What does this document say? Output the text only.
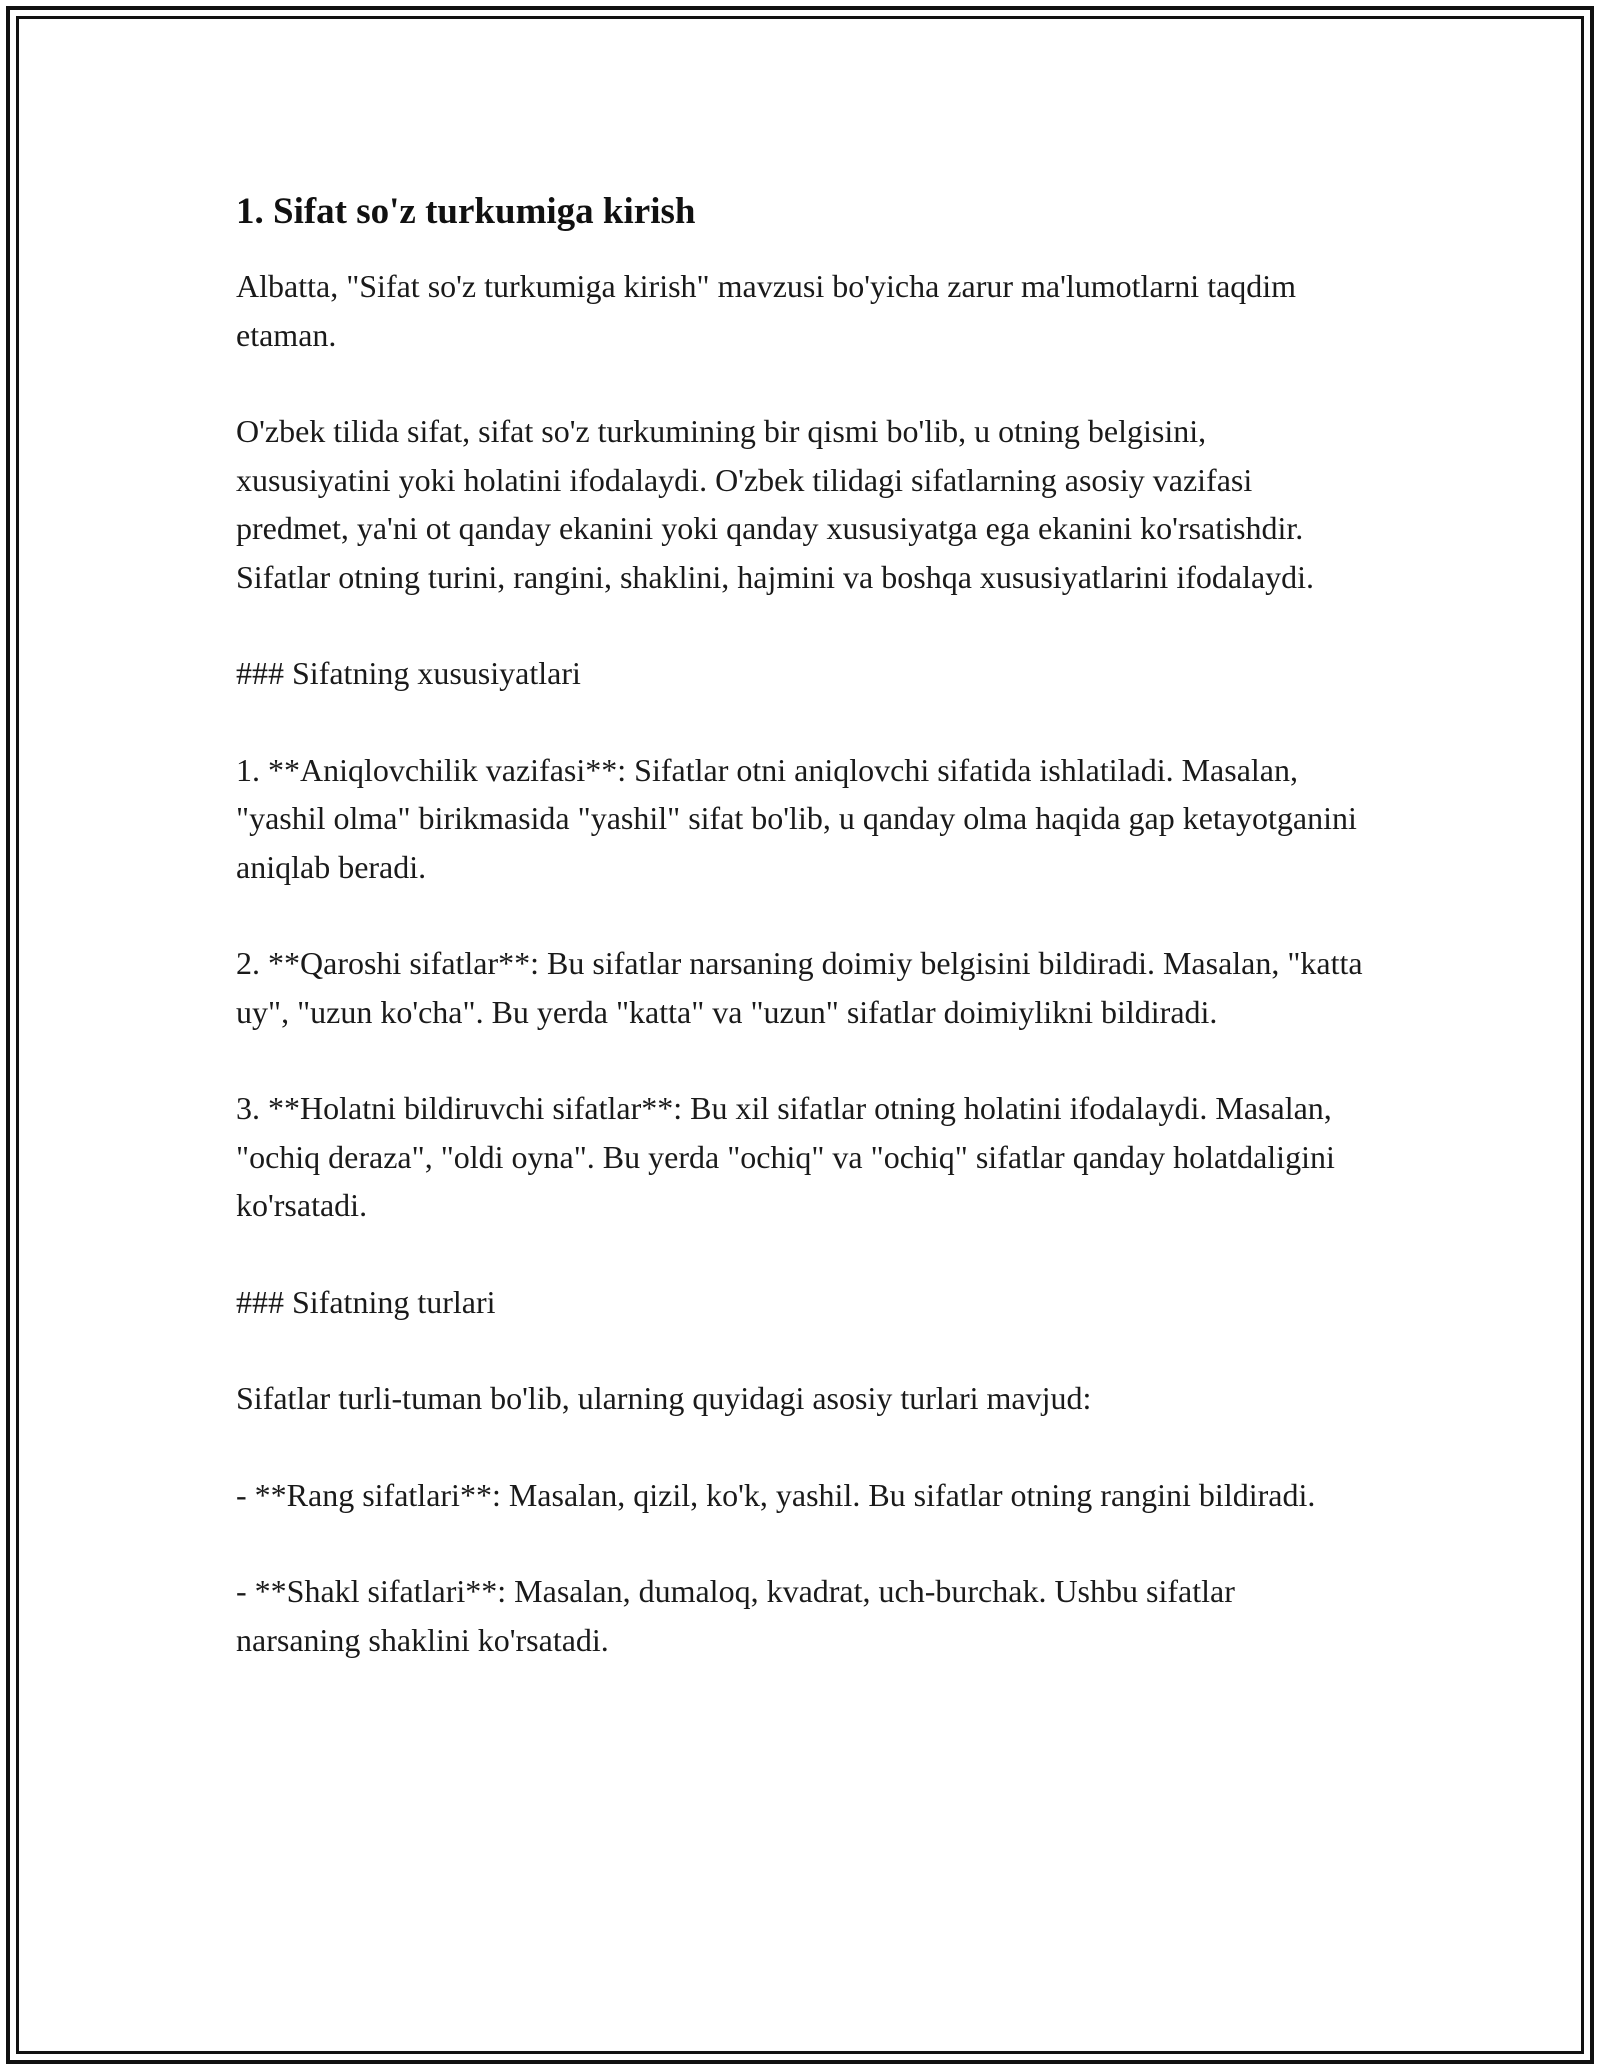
1. Sifat so'z turkumiga kirish

Albatta, "Sifat so'z turkumiga kirish" mavzusi bo'yicha zarur ma'lumotlarni taqdim etaman.

O'zbek tilida sifat, sifat so'z turkumining bir qismi bo'lib, u otning belgisini, xususiyatini yoki holatini ifodalaydi. O'zbek tilidagi sifatlarning asosiy vazifasi predmet, ya'ni ot qanday ekanini yoki qanday xususiyatga ega ekanini ko'rsatishdir. Sifatlar otning turini, rangini, shaklini, hajmini va boshqa xususiyatlarini ifodalaydi.

### Sifatning xususiyatlari

1. **Aniqlovchilik vazifasi**: Sifatlar otni aniqlovchi sifatida ishlatiladi. Masalan, "yashil olma" birikmasida "yashil" sifat bo'lib, u qanday olma haqida gap ketayotganini aniqlab beradi.

2. **Qaroshi sifatlar**: Bu sifatlar narsaning doimiy belgisini bildiradi. Masalan, "katta uy", "uzun ko'cha". Bu yerda "katta" va "uzun" sifatlar doimiylikni bildiradi.

3. **Holatni bildiruvchi sifatlar**: Bu xil sifatlar otning holatini ifodalaydi. Masalan, "ochiq deraza", "oldi oyna". Bu yerda "ochiq" va "ochiq" sifatlar qanday holatdaligini ko'rsatadi.

### Sifatning turlari

Sifatlar turli-tuman bo'lib, ularning quyidagi asosiy turlari mavjud:

- **Rang sifatlari**: Masalan, qizil, ko'k, yashil. Bu sifatlar otning rangini bildiradi.

- **Shakl sifatlari**: Masalan, dumaloq, kvadrat, uch-burchak. Ushbu sifatlar narsaning shaklini ko'rsatadi.
